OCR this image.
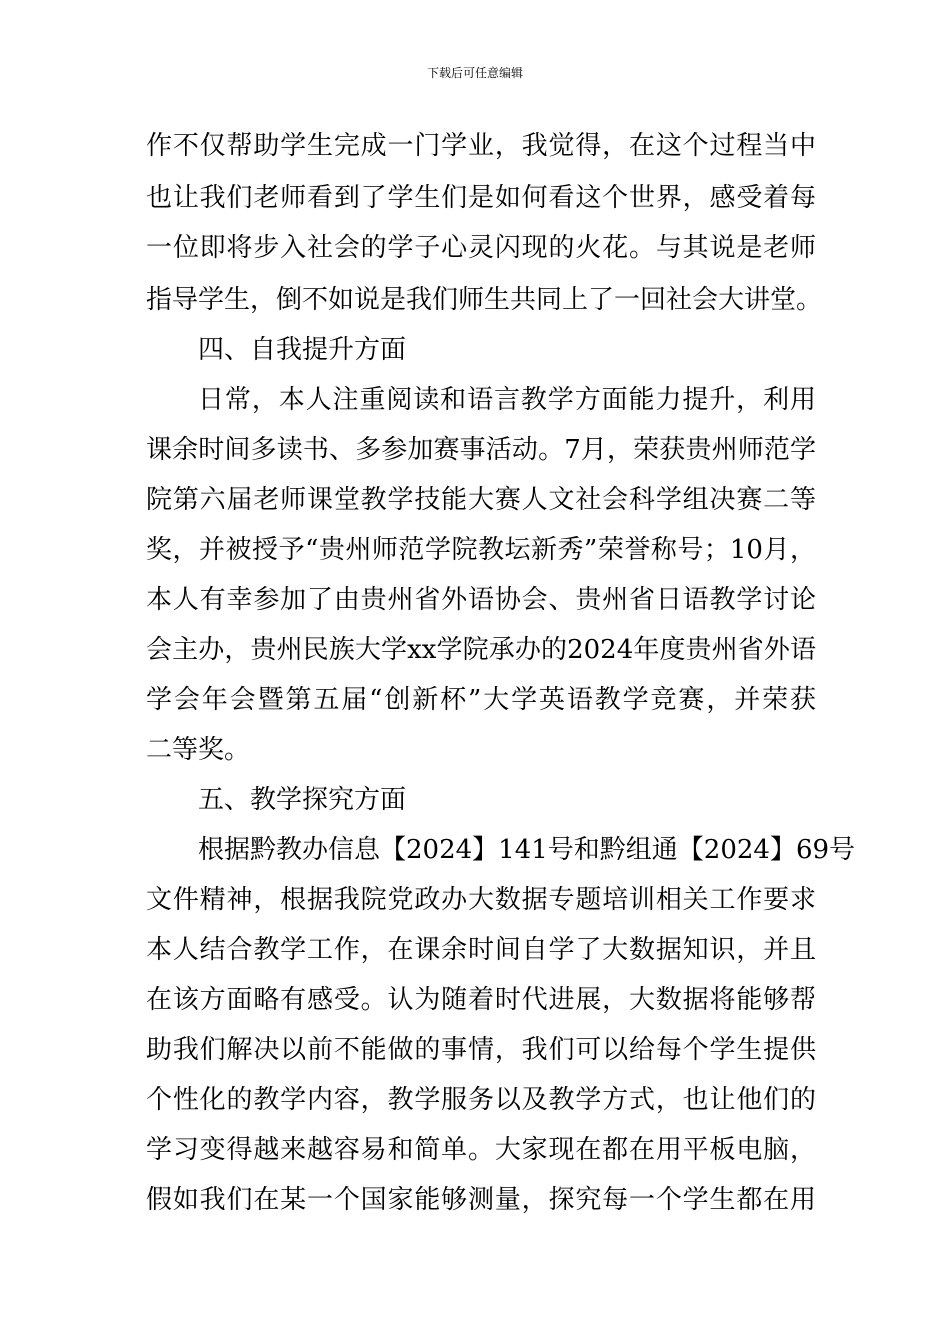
下载后可任意编辑
作不仅帮助学生完成一门学业，我觉得，在这个过程当中
也让我们老师看到了学生们是如何看这个世界，感受着每
一位即将步入社会的学子心灵闪现的火花。与其说是老师
指导学生，倒不如说是我们师生共同上了一回社会大讲堂。
四、自我提升方面
日常，本人注重阅读和语言教学方面能力提升，利用
课余时间多读书、多参加赛事活动。7月，荣获贵州师范学
院第六届老师课堂教学技能大赛人文社会科学组决赛二等
奖，并被授予“贵州师范学院教坛新秀”荣誉称号；10月，
本人有幸参加了由贵州省外语协会、贵州省日语教学讨论
会主办，贵州民族大学xx学院承办的2024年度贵州省外语
学会年会暨第五届“创新杯”大学英语教学竞赛，并荣获
二等奖。
五、教学探究方面
根据黔教办信息【2024】141号和黔组通【2024】69号
文件精神，根据我院党政办大数据专题培训相关工作要求
本人结合教学工作，在课余时间自学了大数据知识，并且
在该方面略有感受。认为随着时代进展，大数据将能够帮
助我们解决以前不能做的事情，我们可以给每个学生提供
个性化的教学内容，教学服务以及教学方式，也让他们的
学习变得越来越容易和简单。大家现在都在用平板电脑，
假如我们在某一个国家能够测量，探究每一个学生都在用
